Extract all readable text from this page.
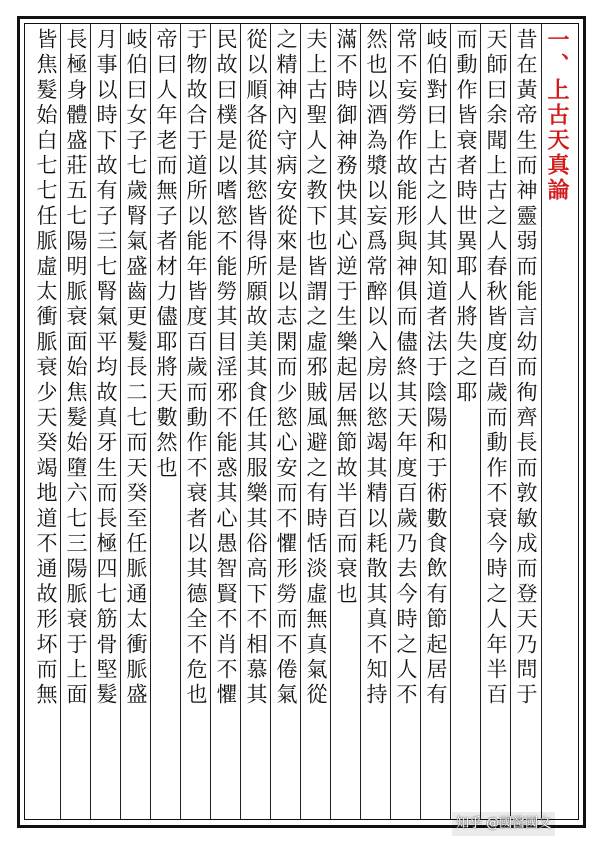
一、上古天真論
昔在黃帝生而神靈弱而能言幼而徇齊長而敦敏成而登天乃問于
天師曰余聞上古之人春秋皆度百歲而動作不衰今時之人年半百
而動作皆衰者時世異耶人將失之耶
岐伯對曰上古之人其知道者法于陰陽和于術數食飲有節起居有
常不妄勞作故能形與神俱而儘終其天年度百歲乃去今時之人不
然也以酒為漿以妄爲常醉以入房以慾竭其精以耗散其真不知持
滿不時御神務快其心逆于生樂起居無節故半百而衰也
夫上古聖人之教下也皆謂之虛邪賊風避之有時恬淡虛無真氣從
之精神內守病安從來是以志閑而少慾心安而不懼形勞而不倦氣
從以順各從其慾皆得所願故美其食任其服樂其俗高下不相慕其
民故曰樸是以嗜慾不能勞其目淫邪不能惑其心愚智賢不肖不懼
于物故合于道所以能年皆度百歲而動作不衰者以其德全不危也
帝曰人年老而無子者材力儘耶將天數然也
岐伯曰女子七歲腎氣盛齒更髮長二七而天癸至任脈通太衝脈盛
月事以時下故有子三七腎氣平均故真牙生而長極四七筋骨堅髮
長極身體盛莊五七陽明脈衰面始焦髮始墮六七三陽脈衰于上面
皆焦髮始白七七任脈虛太衝脈衰少天癸竭地道不通故形坏而無
知乎 @國醫國文
